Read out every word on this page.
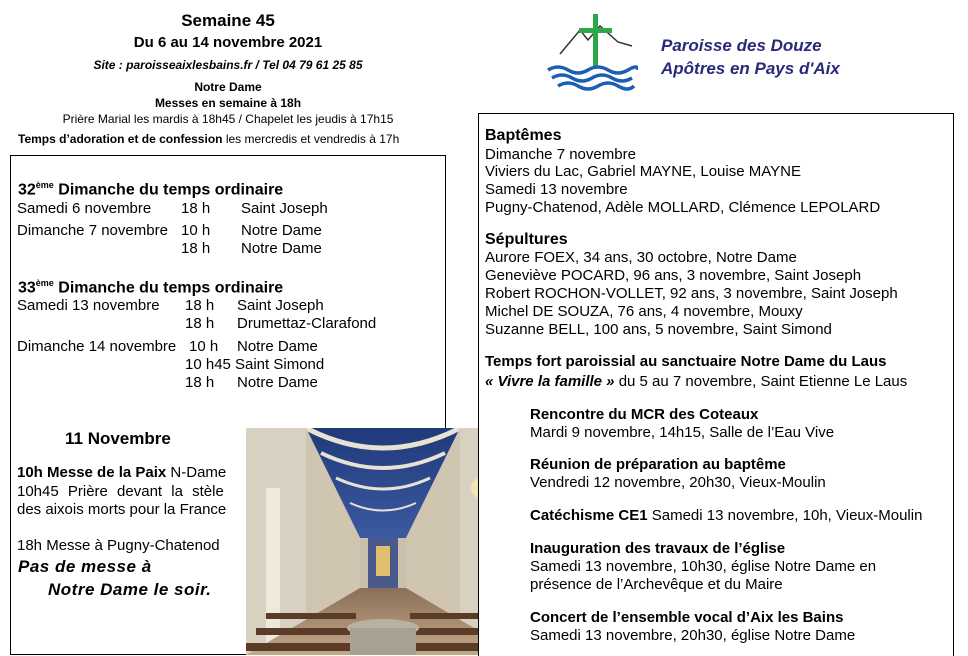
Semaine 45
Du 6 au 14 novembre 2021
Site : paroisseaixlesbains.fr / Tel 04 79 61 25 85
Notre Dame
Messes en semaine à 18h
Prière Marial les mardis à 18h45 / Chapelet les jeudis à 17h15
Temps d’adoration et de confession les mercredis et vendredis à 17h
Paroisse des Douze
Apôtres en Pays d'Aix
32ème Dimanche du temps ordinaire
Samedi 6 novembre 18 h Saint Joseph
Dimanche 7 novembre 10 h Notre Dame
18 h Notre Dame
33ème Dimanche du temps ordinaire
Samedi 13 novembre 18 h Saint Joseph
18 h Drumettaz-Clarafond
Dimanche 14 novembre 10 h Notre Dame
10 h45 Saint Simond
18 h Notre Dame
11 Novembre
10h Messe de la Paix N-Dame
10h45 Prière devant la stèle
des aixois morts pour la France
18h Messe à Pugny-Chatenod
Pas de messe à
Notre Dame le soir.
Baptêmes
Dimanche 7 novembre
Viviers du Lac, Gabriel MAYNE, Louise MAYNE
Samedi 13 novembre
Pugny-Chatenod, Adèle MOLLARD, Clémence LEPOLARD
Sépultures
Aurore FOEX, 34 ans, 30 octobre, Notre Dame
Geneviève POCARD, 96 ans, 3 novembre, Saint Joseph
Robert ROCHON-VOLLET, 92 ans, 3 novembre, Saint Joseph
Michel DE SOUZA, 76 ans, 4 novembre, Mouxy
Suzanne BELL, 100 ans, 5 novembre, Saint Simond
Temps fort paroissial au sanctuaire Notre Dame du Laus
« Vivre la famille » du 5 au 7 novembre, Saint Etienne Le Laus
Rencontre du MCR des Coteaux
Mardi 9 novembre, 14h15, Salle de l’Eau Vive
Réunion de préparation au baptême
Vendredi 12 novembre, 20h30, Vieux-Moulin
Catéchisme CE1 Samedi 13 novembre, 10h, Vieux-Moulin
Inauguration des travaux de l’église
Samedi 13 novembre, 10h30, église Notre Dame en
présence de l’Archevêque et du Maire
Concert de l’ensemble vocal d’Aix les Bains
Samedi 13 novembre, 20h30, église Notre Dame
